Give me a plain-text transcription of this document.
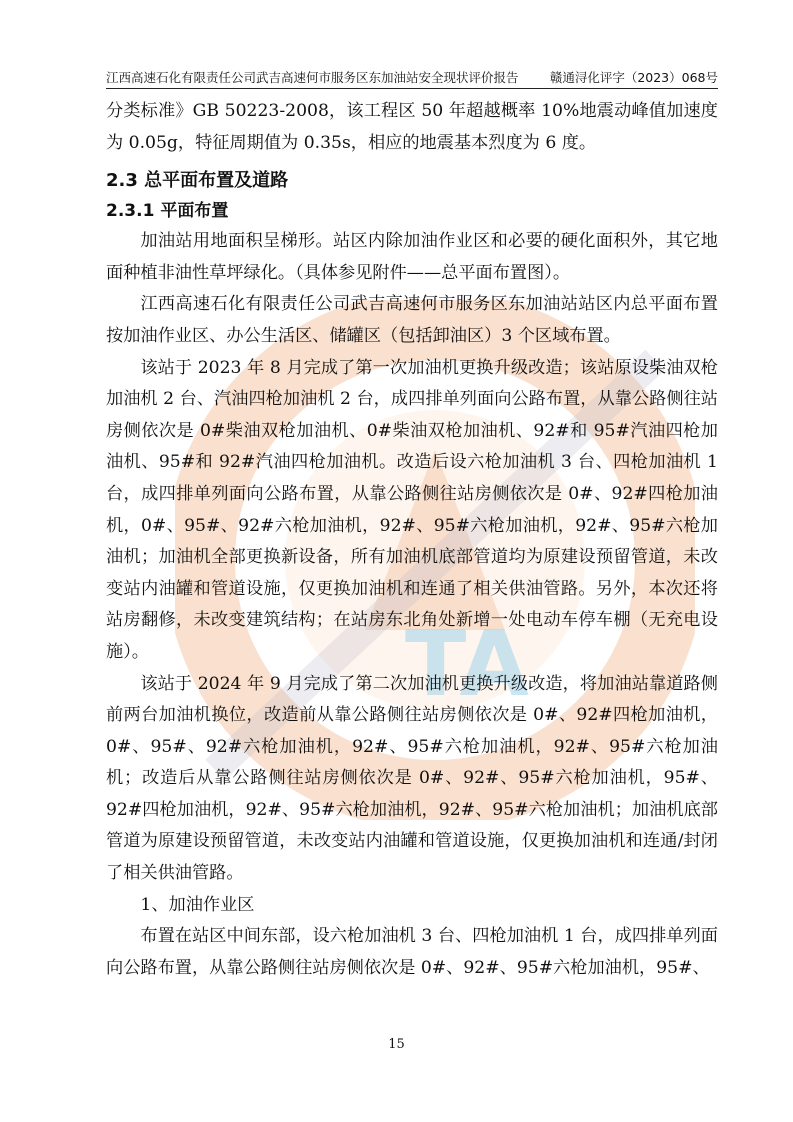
TA
江西高速石化有限责任公司武吉高速何市服务区东加油站安全现状评价报告	赣通浔化评字（2023）068号

分类标准》GB 50223-2008，该工程区 50 年超越概率 10%地震动峰值加速度为 0.05g，特征周期值为 0.35s，相应的地震基本烈度为 6 度。

2.3 总平面布置及道路
2.3.1 平面布置

加油站用地面积呈梯形。站区内除加油作业区和必要的硬化面积外，其它地面种植非油性草坪绿化。（具体参见附件——总平面布置图）。

江西高速石化有限责任公司武吉高速何市服务区东加油站站区内总平面布置按加油作业区、办公生活区、储罐区（包括卸油区）3 个区域布置。

该站于 2023 年 8 月完成了第一次加油机更换升级改造；该站原设柴油双枪加油机 2 台、汽油四枪加油机 2 台，成四排单列面向公路布置，从靠公路侧往站房侧依次是 0#柴油双枪加油机、0#柴油双枪加油机、92#和 95#汽油四枪加油机、95#和 92#汽油四枪加油机。改造后设六枪加油机 3 台、四枪加油机 1 台，成四排单列面向公路布置，从靠公路侧往站房侧依次是 0#、92#四枪加油机，0#、95#、92#六枪加油机，92#、95#六枪加油机，92#、95#六枪加油机；加油机全部更换新设备，所有加油机底部管道均为原建设预留管道，未改变站内油罐和管道设施，仅更换加油机和连通了相关供油管路。另外，本次还将站房翻修，未改变建筑结构；在站房东北角处新增一处电动车停车棚（无充电设施）。

该站于 2024 年 9 月完成了第二次加油机更换升级改造，将加油站靠道路侧前两台加油机换位，改造前从靠公路侧往站房侧依次是 0#、92#四枪加油机，0#、95#、92#六枪加油机，92#、95#六枪加油机，92#、95#六枪加油机；改造后从靠公路侧往站房侧依次是 0#、92#、95#六枪加油机，95#、92#四枪加油机，92#、95#六枪加油机，92#、95#六枪加油机；加油机底部管道为原建设预留管道，未改变站内油罐和管道设施，仅更换加油机和连通/封闭了相关供油管路。

1、加油作业区

布置在站区中间东部，设六枪加油机 3 台、四枪加油机 1 台，成四排单列面向公路布置，从靠公路侧往站房侧依次是 0#、92#、95#六枪加油机，95#、

15
